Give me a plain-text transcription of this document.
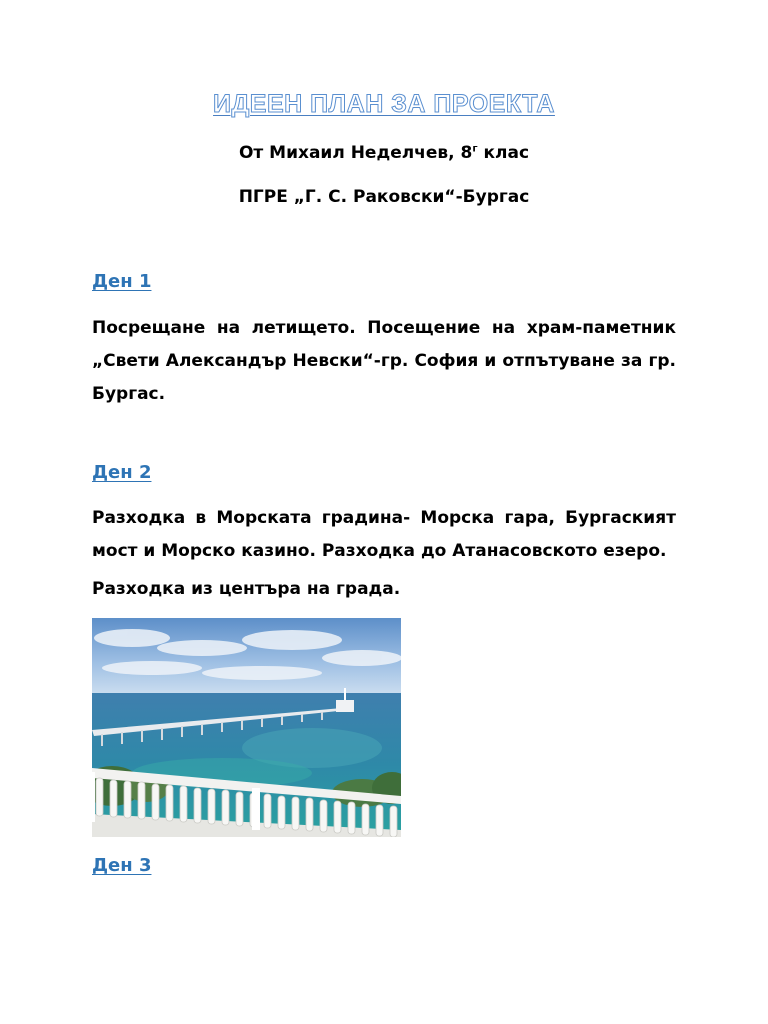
ИДЕЕН ПЛАН ЗА ПРОЕКТА
От Михаил Неделчев, $8^г$ клас
ПГРЕ „Г. С. Раковски“-Бургас
Ден 1
Посрещане на летището. Посещение на храм-паметник „Свети Александър Невски“-гр. София и отпътуване за гр. Бургас.
Ден 2
Разходка в Морската градина- Морска гара, Бургаският мост и Морско казино. Разходка до Атанасовското езеро.
Разходка из центъра на града.
Ден 3
